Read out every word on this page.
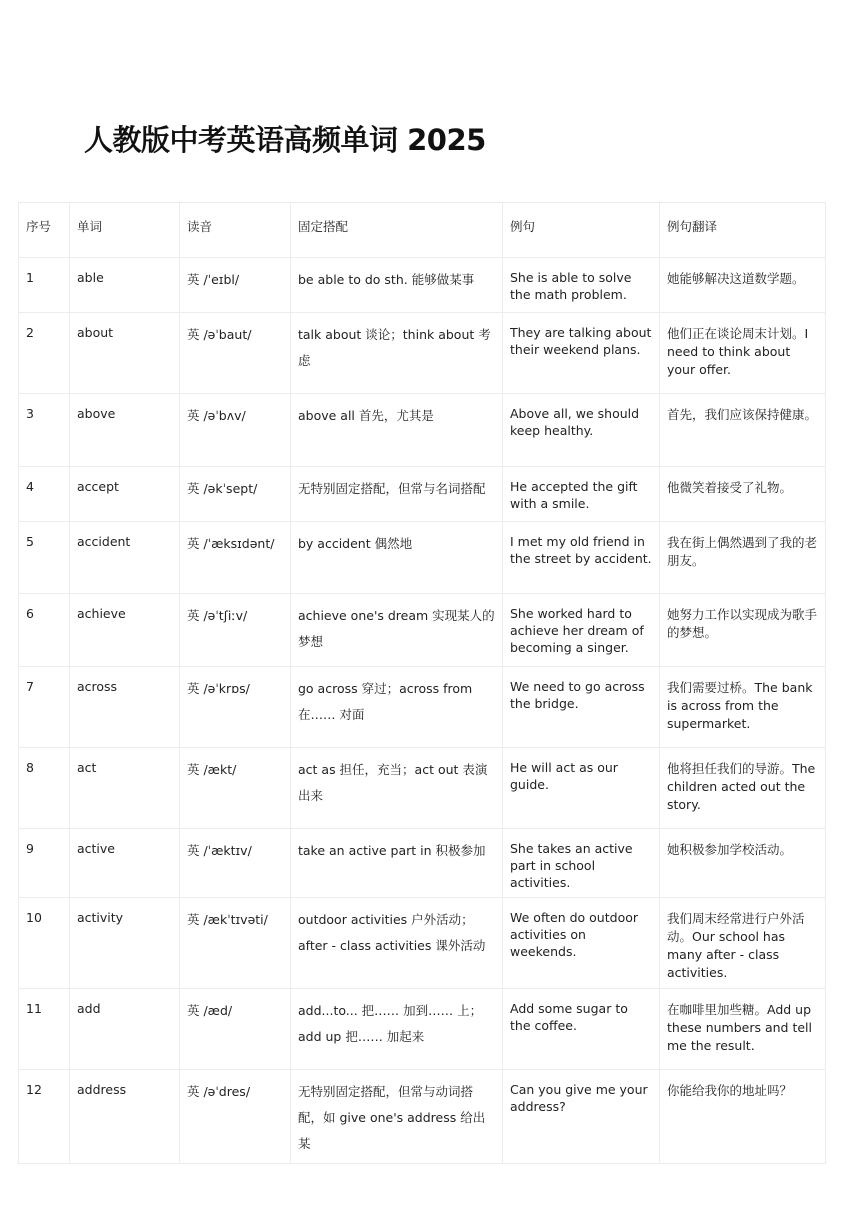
人教版中考英语高频单词 2025
序号	单词	读音	固定搭配	例句	例句翻译
1	able	英 /ˈeɪbl/	be able to do sth. 能够做某事	She is able to solve the math problem.	她能够解决这道数学题。
2	about	英 /əˈbaut/	talk about 谈论；think about 考虑	They are talking about their weekend plans.	他们正在谈论周末计划。I need to think about your offer.
3	above	英 /əˈbʌv/	above all 首先，尤其是	Above all, we should keep healthy.	首先，我们应该保持健康。
4	accept	英 /əkˈsept/	无特别固定搭配，但常与名词搭配	He accepted the gift with a smile.	他微笑着接受了礼物。
5	accident	英 /ˈæksɪdənt/	by accident 偶然地	I met my old friend in the street by accident.	我在街上偶然遇到了我的老朋友。
6	achieve	英 /əˈtʃiːv/	achieve one's dream 实现某人的梦想	She worked hard to achieve her dream of becoming a singer.	她努力工作以实现成为歌手的梦想。
7	across	英 /əˈkrɒs/	go across 穿过；across from 在…… 对面	We need to go across the bridge.	我们需要过桥。The bank is across from the supermarket.
8	act	英 /ækt/	act as 担任，充当；act out 表演出来	He will act as our guide.	他将担任我们的导游。The children acted out the story.
9	active	英 /ˈæktɪv/	take an active part in 积极参加	She takes an active part in school activities.	她积极参加学校活动。
10	activity	英 /ækˈtɪvəti/	outdoor activities 户外活动；after - class activities 课外活动	We often do outdoor activities on weekends.	我们周末经常进行户外活动。Our school has many after - class activities.
11	add	英 /æd/	add...to... 把…… 加到…… 上；add up 把…… 加起来	Add some sugar to the coffee.	在咖啡里加些糖。Add up these numbers and tell me the result.
12	address	英 /əˈdres/	无特别固定搭配，但常与动词搭配，如 give one's address 给出某	Can you give me your address?	你能给我你的地址吗？
